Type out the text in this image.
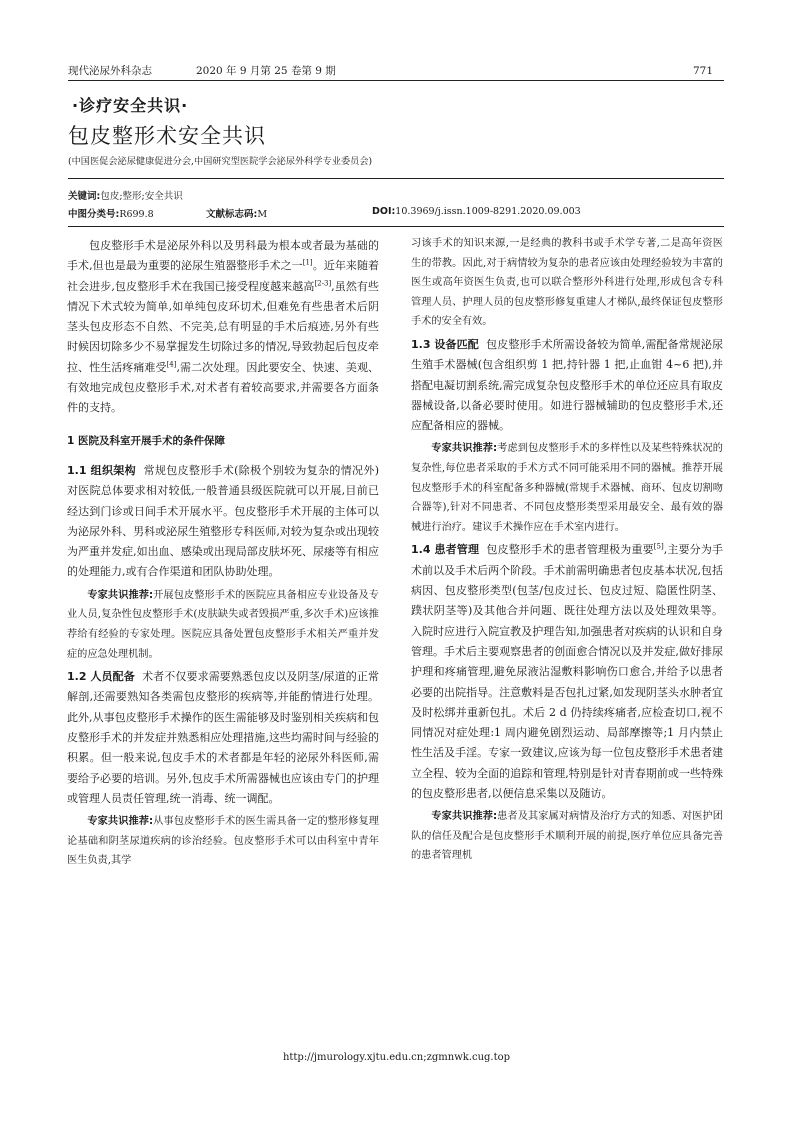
现代泌尿外科杂志	2020 年 9 月第 25 卷第 9 期	771
·诊疗安全共识·
包皮整形术安全共识
(中国医促会泌尿健康促进分会,中国研究型医院学会泌尿外科学专业委员会)
关键词:包皮;整形;安全共识
中图分类号:R699.8	文献标志码:M	DOI:10.3969/j.issn.1009-8291.2020.09.003

包皮整形手术是泌尿外科以及男科最为根本或者最为基础的手术,但也是最为重要的泌尿生殖器整形手术之一[1]。近年来随着社会进步,包皮整形手术在我国已接受程度越来越高[2-3],虽然有些情况下术式较为简单,如单纯包皮环切术,但难免有些患者术后阴茎头包皮形态不自然、不完美,总有明显的手术后痕迹,另外有些时候因切除多少不易掌握发生切除过多的情况,导致勃起后包皮牵拉、性生活疼痛难受[4],需二次处理。因此要安全、快速、美观、有效地完成包皮整形手术,对术者有着较高要求,并需要各方面条件的支持。

1 医院及科室开展手术的条件保障

1.1 组织架构 常规包皮整形手术(除极个别较为复杂的情况外)对医院总体要求相对较低,一般普通县级医院就可以开展,目前已经达到门诊或日间手术开展水平。包皮整形手术开展的主体可以为泌尿外科、男科或泌尿生殖整形专科医师,对较为复杂或出现较为严重并发症,如出血、感染或出现局部皮肤坏死、尿瘘等有相应的处理能力,或有合作渠道和团队协助处理。

专家共识推荐:开展包皮整形手术的医院应具备相应专业设备及专业人员,复杂性包皮整形手术(皮肤缺失或者毁损严重,多次手术)应该推荐给有经验的专家处理。医院应具备处置包皮整形手术相关严重并发症的应急处理机制。

1.2 人员配备 术者不仅要求需要熟悉包皮以及阴茎/尿道的正常解剖,还需要熟知各类需包皮整形的疾病等,并能酌情进行处理。此外,从事包皮整形手术操作的医生需能够及时鉴别相关疾病和包皮整形手术的并发症并熟悉相应处理措施,这些均需时间与经验的积累。但一般来说,包皮手术的术者都是年轻的泌尿外科医师,需要给予必要的培训。另外,包皮手术所需器械也应该由专门的护理或管理人员责任管理,统一消毒、统一调配。

专家共识推荐:从事包皮整形手术的医生需具备一定的整形修复理论基础和阴茎尿道疾病的诊治经验。包皮整形手术可以由科室中青年医生负责,其学

习该手术的知识来源,一是经典的教科书或手术学专著,二是高年资医生的带教。因此,对于病情较为复杂的患者应该由处理经验较为丰富的医生或高年资医生负责,也可以联合整形外科进行处理,形成包含专科管理人员、护理人员的包皮整形修复重建人才梯队,最终保证包皮整形手术的安全有效。

1.3 设备匹配 包皮整形手术所需设备较为简单,需配备常规泌尿生殖手术器械(包含组织剪 1 把,持针器 1 把,止血钳 4~6 把),并搭配电凝切割系统,需完成复杂包皮整形手术的单位还应具有取皮器械设备,以备必要时使用。如进行器械辅助的包皮整形手术,还应配备相应的器械。

专家共识推荐:考虑到包皮整形手术的多样性以及某些特殊状况的复杂性,每位患者采取的手术方式不同可能采用不同的器械。推荐开展包皮整形手术的科室配备多种器械(常规手术器械、商环、包皮切割吻合器等),针对不同患者、不同包皮整形类型采用最安全、最有效的器械进行治疗。建议手术操作应在手术室内进行。

1.4 患者管理 包皮整形手术的患者管理极为重要[5],主要分为手术前以及手术后两个阶段。手术前需明确患者包皮基本状况,包括病因、包皮整形类型(包茎/包皮过长、包皮过短、隐匿性阴茎、蹼状阴茎等)及其他合并问题、既往处理方法以及处理效果等。入院时应进行入院宣教及护理告知,加强患者对疾病的认识和自身管理。手术后主要观察患者的创面愈合情况以及并发症,做好排尿护理和疼痛管理,避免尿液沾湿敷料影响伤口愈合,并给予以患者必要的出院指导。注意敷料是否包扎过紧,如发现阴茎头水肿者宜及时松绑并重新包扎。术后 2 d 仍持续疼痛者,应检查切口,视不同情况对症处理:1 周内避免剧烈运动、局部摩擦等;1 月内禁止性生活及手淫。专家一致建议,应该为每一位包皮整形手术患者建立全程、较为全面的追踪和管理,特别是针对青春期前或一些特殊的包皮整形患者,以便信息采集以及随访。

专家共识推荐:患者及其家属对病情及治疗方式的知悉、对医护团队的信任及配合是包皮整形手术顺利开展的前提,医疗单位应具备完善的患者管理机

http://jmurology.xjtu.edu.cn;zgmnwk.cug.top
